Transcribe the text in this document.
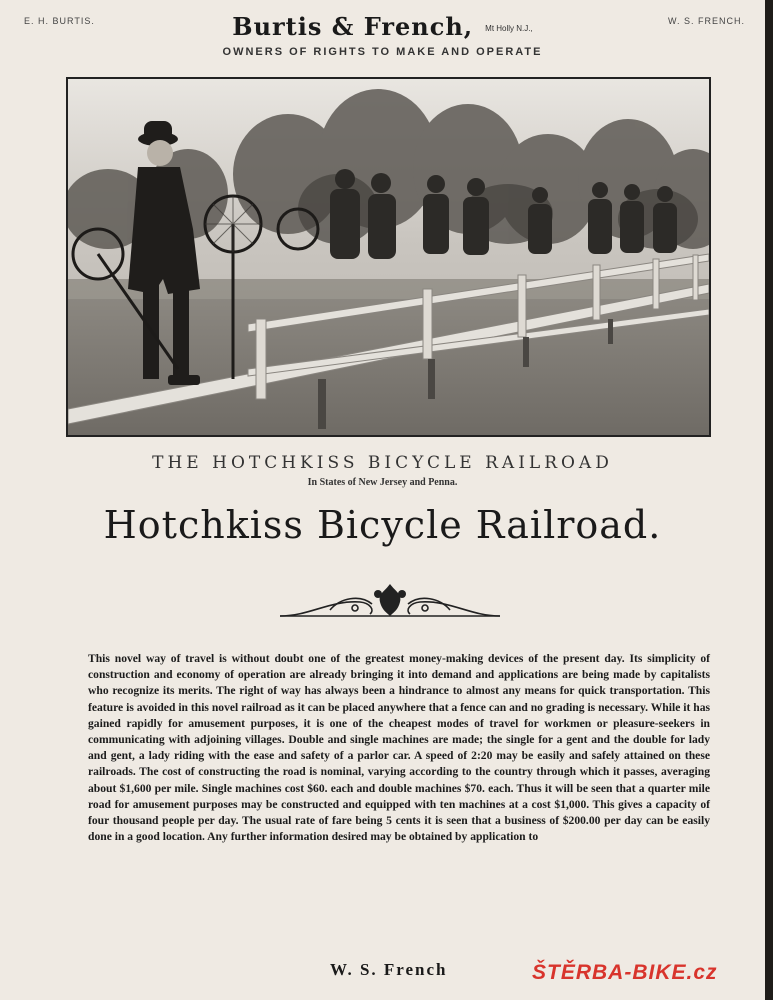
E. H. BURTIS.	W. S. FRENCH.
Burtis & French, $^{Mt Holly N.J.,}$
OWNERS OF RIGHTS TO MAKE AND OPERATE
THE HOTCHKISS BICYCLE RAILROAD
In States of New Jersey and Penna.
Hotchkiss Bicycle Railroad.
This novel way of travel is without doubt one of the greatest money-making devices of the present day. Its simplicity of construction and economy of operation are already bringing it into demand and applications are being made by capitalists who recognize its merits. The right of way has always been a hindrance to almost any means for quick transportation. This feature is avoided in this novel railroad as it can be placed anywhere that a fence can and no grading is necessary. While it has gained rapidly for amusement purposes, it is one of the cheapest modes of travel for workmen or pleasure-seekers in communicating with adjoining villages. Double and single machines are made; the single for a gent and the double for lady and gent, a lady riding with the ease and safety of a parlor car. A speed of 2:20 may be easily and safely attained on these railroads. The cost of constructing the road is nominal, varying according to the country through which it passes, averaging about $1,600 per mile. Single machines cost $60. each and double machines $70. each. Thus it will be seen that a quarter mile road for amusement purposes may be constructed and equipped with ten machines at a cost $1,000. This gives a capacity of four thousand people per day. The usual rate of fare being 5 cents it is seen that a business of $200.00 per day can be easily done in a good location. Any further information desired may be obtained by application to
W. S. French	ŠTĚRBA-BIKE.cz
